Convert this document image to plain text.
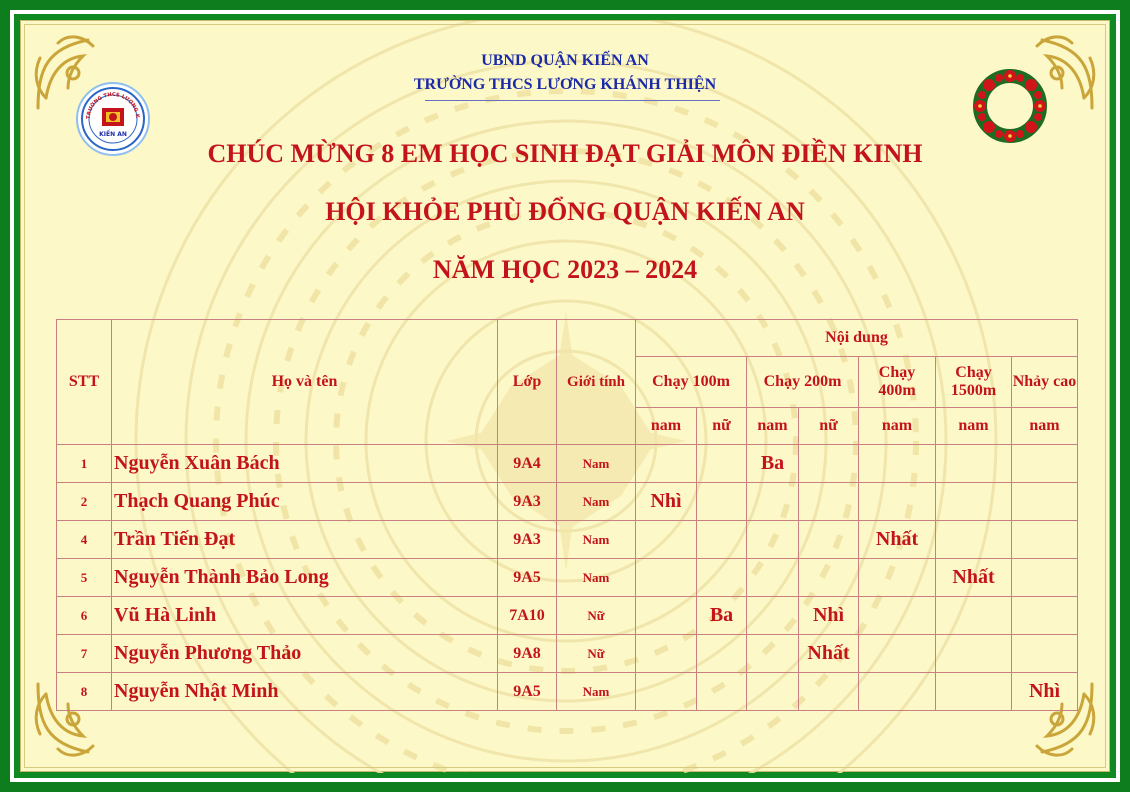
TRƯỜNG THCS LƯƠNG K
KIẾN AN
UBND QUẬN KIẾN AN
TRƯỜNG THCS LƯƠNG KHÁNH THIỆN
CHÚC MỪNG 8 EM HỌC SINH ĐẠT GIẢI MÔN ĐIỀN KINH
HỘI KHỎE PHÙ ĐỔNG QUẬN KIẾN AN
NĂM HỌC 2023 – 2024
STT	Họ và tên	Lớp	Giới tính	Nội dung						
				Chạy 100m		Chạy 200m		Chạy 400m	Chạy 1500m	Nhảy cao
				nam	nữ	nam	nữ	nam	nam	nam
1	Nguyễn Xuân Bách	9A4	Nam			Ba				
2	Thạch Quang Phúc	9A3	Nam	Nhì						
4	Trần Tiến Đạt	9A3	Nam					Nhất		
5	Nguyễn Thành Bảo Long	9A5	Nam						Nhất	
6	Vũ Hà Linh	7A10	Nữ		Ba		Nhì			
7	Nguyễn Phương Thảo	9A8	Nữ				Nhất			
8	Nguyễn Nhật Minh	9A5	Nam							Nhì
